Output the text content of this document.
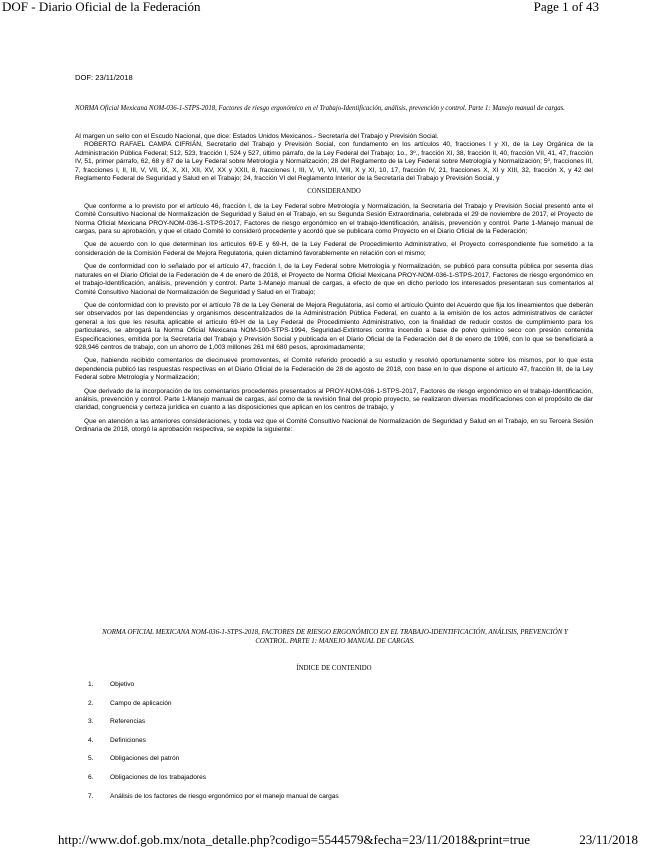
DOF - Diario Oficial de la Federación	Page 1 of 43
DOF: 23/11/2018
NORMA Oficial Mexicana NOM-036-1-STPS-2018, Factores de riesgo ergonómico en el Trabajo-Identificación, análisis, prevención y control. Parte 1: Manejo manual de cargas.

Al margen un sello con el Escudo Nacional, que dice: Estados Unidos Mexicanos.- Secretaría del Trabajo y Previsión Social.

ROBERTO RAFAEL CAMPA CIFRIÁN, Secretario del Trabajo y Previsión Social, con fundamento en los artículos 40, fracciones I y XI, de la Ley Orgánica de la Administración Pública Federal; 512, 523, fracción I, 524 y 527, último párrafo, de la Ley Federal del Trabajo; 1o., 3º., fracción XI, 38, fracción II, 40, fracción VII, 41, 47, fracción IV, 51, primer párrafo, 62, 68 y 87 de la Ley Federal sobre Metrología y Normalización; 28 del Reglamento de la Ley Federal sobre Metrología y Normalización; 5º, fracciones III, 7, fracciones I, II, III, V, VII, IX, X, XI, XII, XV, XX y XXII, 8, fracciones I, III, V, VI, VII, VIII, X y XI, 10, 17, fracción IV, 21, fracciones X, XI y XIII, 32, fracción X, y 42 del Reglamento Federal de Seguridad y Salud en el Trabajo; 24, fracción VI del Reglamento Interior de la Secretaría del Trabajo y Previsión Social, y

CONSIDERANDO

Que conforme a lo previsto por el artículo 46, fracción I, de la Ley Federal sobre Metrología y Normalización, la Secretaría del Trabajo y Previsión Social presentó ante el Comité Consultivo Nacional de Normalización de Seguridad y Salud en el Trabajo, en su Segunda Sesión Extraordinaria, celebrada el 29 de noviembre de 2017, el Proyecto de Norma Oficial Mexicana PROY-NOM-036-1-STPS-2017, Factores de riesgo ergonómico en el trabajo-Identificación, análisis, prevención y control. Parte 1-Manejo manual de cargas, para su aprobación, y que el citado Comité lo consideró procedente y acordó que se publicara como Proyecto en el Diario Oficial de la Federación;

Que de acuerdo con lo que determinan los artículos 69-E y 69-H, de la Ley Federal de Procedimiento Administrativo, el Proyecto correspondiente fue sometido a la consideración de la Comisión Federal de Mejora Regulatoria, quien dictaminó favorablemente en relación con el mismo;

Que de conformidad con lo señalado por el artículo 47, fracción I, de la Ley Federal sobre Metrología y Normalización, se publicó para consulta pública por sesenta días naturales en el Diario Oficial de la Federación de 4 de enero de 2018, el Proyecto de Norma Oficial Mexicana PROY-NOM-036-1-STPS-2017, Factores de riesgo ergonómico en el trabajo-Identificación, análisis, prevención y control. Parte 1-Manejo manual de cargas, a efecto de que en dicho período los interesados presentaran sus comentarios al Comité Consultivo Nacional de Normalización de Seguridad y Salud en el Trabajo;

Que de conformidad con lo previsto por el artículo 78 de la Ley General de Mejora Regulatoria, así como el artículo Quinto del Acuerdo que fija los lineamientos que deberán ser observados por las dependencias y organismos descentralizados de la Administración Pública Federal, en cuanto a la emisión de los actos administrativos de carácter general a los que les resulta aplicable el artículo 69-H de la Ley Federal de Procedimiento Administrativo, con la finalidad de reducir costos de cumplimiento para los particulares, se abrogará la Norma Oficial Mexicana NOM-100-STPS-1994, Seguridad-Extintores contra incendio a base de polvo químico seco con presión contenida Especificaciones, emitida por la Secretaría del Trabajo y Previsión Social y publicada en el Diario Oficial de la Federación del 8 de enero de 1996, con lo que se beneficiará a 928,946 centros de trabajo, con un ahorro de 1,003 millones 261 mil 680 pesos, aproximadamente;

Que, habiendo recibido comentarios de diecinueve promoventes, el Comité referido procedió a su estudio y resolvió oportunamente sobre los mismos, por lo que esta dependencia publicó las respuestas respectivas en el Diario Oficial de la Federación de 28 de agosto de 2018, con base en lo que dispone el artículo 47, fracción III, de la Ley Federal sobre Metrología y Normalización;

Que derivado de la incorporación de los comentarios procedentes presentados al PROY-NOM-036-1-STPS-2017, Factores de riesgo ergonómico en el trabajo-Identificación, análisis, prevención y control. Parte 1-Manejo manual de cargas, así como de la revisión final del propio proyecto, se realizaron diversas modificaciones con el propósito de dar claridad, congruencia y certeza jurídica en cuanto a las disposiciones que aplican en los centros de trabajo, y

Que en atención a las anteriores consideraciones, y toda vez que el Comité Consultivo Nacional de Normalización de Seguridad y Salud en el Trabajo, en su Tercera Sesión Ordinaria de 2018, otorgó la aprobación respectiva, se expide la siguiente:

NORMA OFICIAL MEXICANA NOM-036-1-STPS-2018, FACTORES DE RIESGO ERGONÓMICO EN EL TRABAJO-IDENTIFICACIÓN, ANÁLISIS, PREVENCIÓN Y CONTROL. PARTE 1: MANEJO MANUAL DE CARGAS.
ÍNDICE DE CONTENIDO
1.	Objetivo
2.	Campo de aplicación
3.	Referencias
4.	Definiciones
5.	Obligaciones del patrón
6.	Obligaciones de los trabajadores
7.	Análisis de los factores de riesgo ergonómico por el manejo manual de cargas
http://www.dof.gob.mx/nota_detalle.php?codigo=5544579&fecha=23/11/2018&print=true	23/11/2018
